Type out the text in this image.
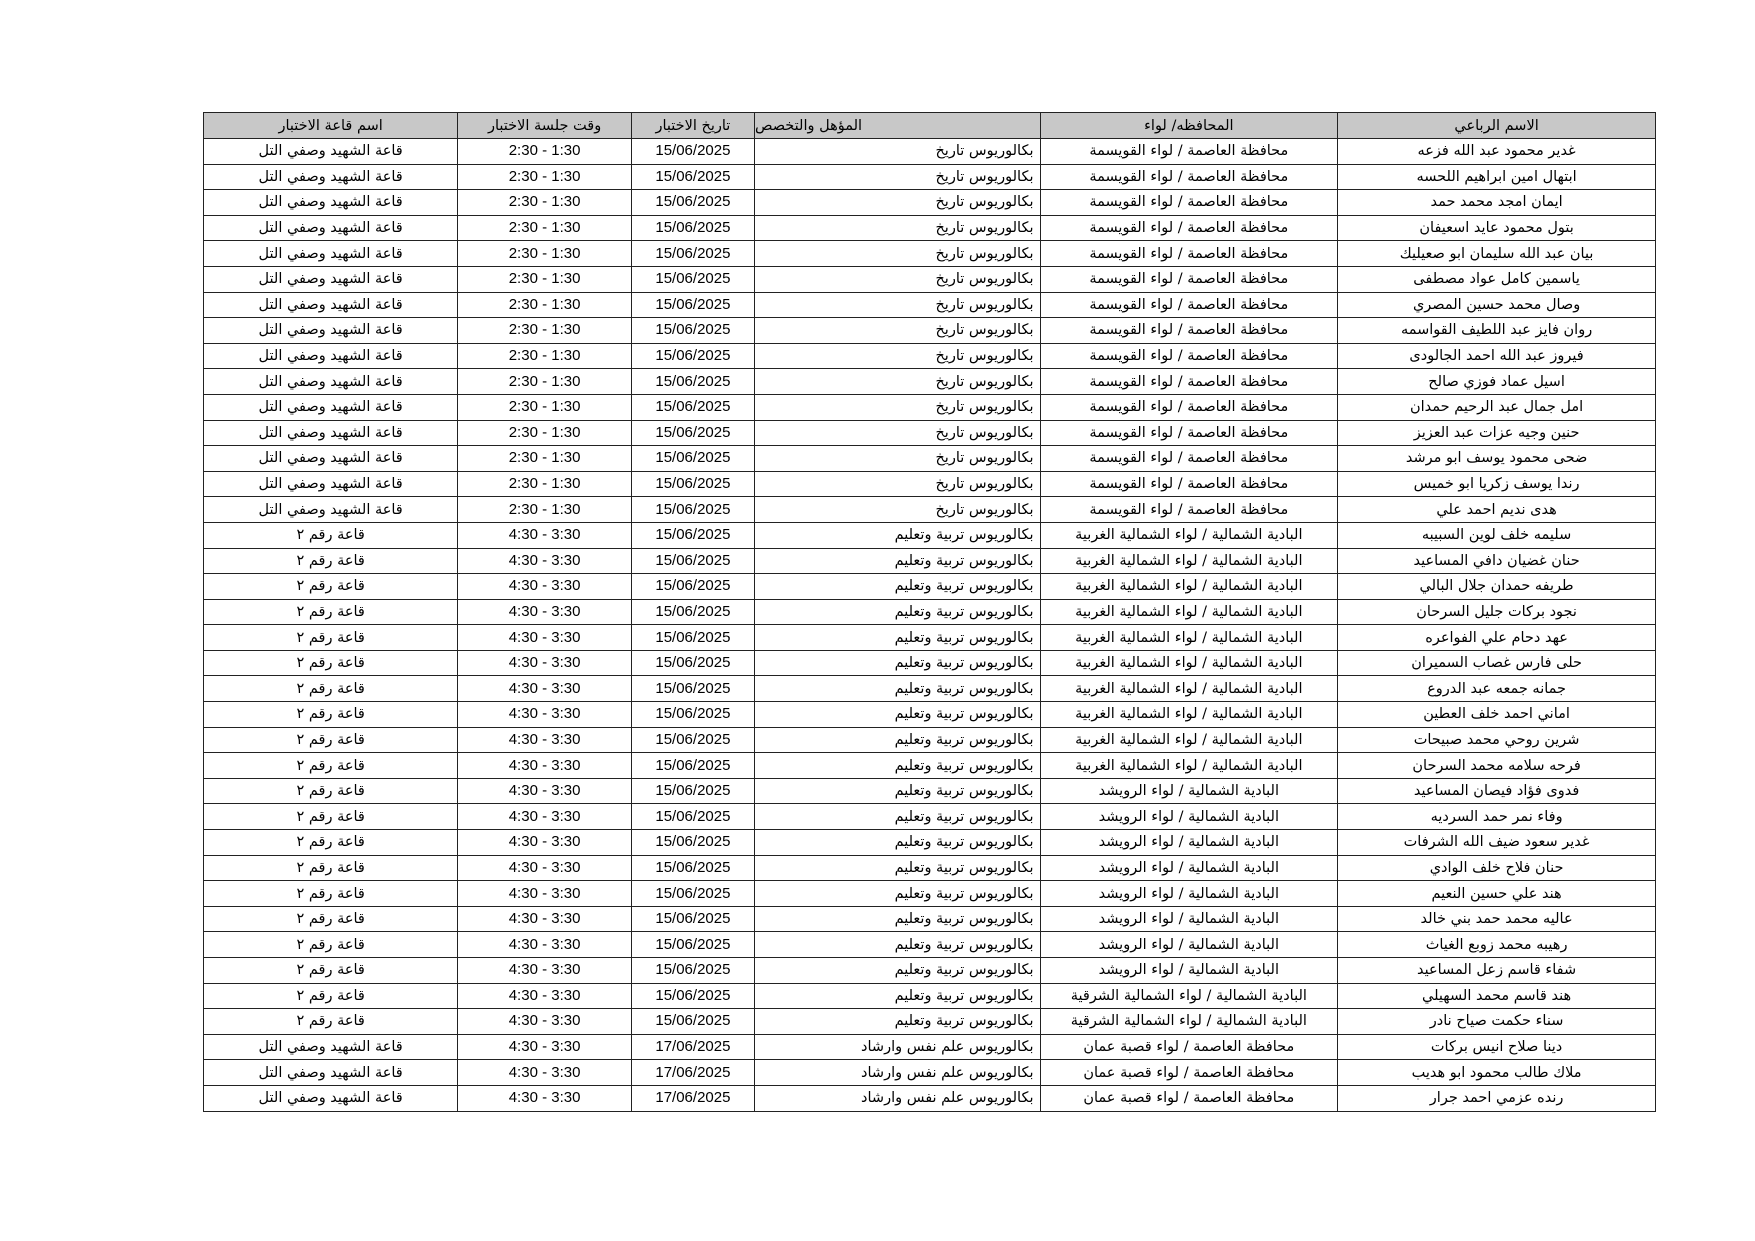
الاسم الرباعي	المحافظه/ لواء	المؤهل والتخصص	تاريخ الاختبار	وقت جلسة الاختبار	اسم قاعة الاختبار
غدير محمود عبد الله فزعه	محافظة العاصمة / لواء القويسمة	بكالوريوس تاريخ	15/06/2025	2:30 - 1:30	قاعة الشهيد وصفي التل
ابتهال امين ابراهيم اللحسه	محافظة العاصمة / لواء القويسمة	بكالوريوس تاريخ	15/06/2025	2:30 - 1:30	قاعة الشهيد وصفي التل
ايمان امجد محمد حمد	محافظة العاصمة / لواء القويسمة	بكالوريوس تاريخ	15/06/2025	2:30 - 1:30	قاعة الشهيد وصفي التل
بتول محمود عايد اسعيفان	محافظة العاصمة / لواء القويسمة	بكالوريوس تاريخ	15/06/2025	2:30 - 1:30	قاعة الشهيد وصفي التل
بيان عبد الله سليمان ابو صعيليك	محافظة العاصمة / لواء القويسمة	بكالوريوس تاريخ	15/06/2025	2:30 - 1:30	قاعة الشهيد وصفي التل
ياسمين كامل عواد مصطفى	محافظة العاصمة / لواء القويسمة	بكالوريوس تاريخ	15/06/2025	2:30 - 1:30	قاعة الشهيد وصفي التل
وصال محمد حسين المصري	محافظة العاصمة / لواء القويسمة	بكالوريوس تاريخ	15/06/2025	2:30 - 1:30	قاعة الشهيد وصفي التل
روان فايز عبد اللطيف القواسمه	محافظة العاصمة / لواء القويسمة	بكالوريوس تاريخ	15/06/2025	2:30 - 1:30	قاعة الشهيد وصفي التل
فيروز عبد الله احمد الجالودى	محافظة العاصمة / لواء القويسمة	بكالوريوس تاريخ	15/06/2025	2:30 - 1:30	قاعة الشهيد وصفي التل
اسيل عماد فوزي صالح	محافظة العاصمة / لواء القويسمة	بكالوريوس تاريخ	15/06/2025	2:30 - 1:30	قاعة الشهيد وصفي التل
امل جمال عبد الرحيم حمدان	محافظة العاصمة / لواء القويسمة	بكالوريوس تاريخ	15/06/2025	2:30 - 1:30	قاعة الشهيد وصفي التل
حنين وجيه عزات عبد العزيز	محافظة العاصمة / لواء القويسمة	بكالوريوس تاريخ	15/06/2025	2:30 - 1:30	قاعة الشهيد وصفي التل
ضحى محمود يوسف ابو مرشد	محافظة العاصمة / لواء القويسمة	بكالوريوس تاريخ	15/06/2025	2:30 - 1:30	قاعة الشهيد وصفي التل
رندا يوسف زكريا ابو خميس	محافظة العاصمة / لواء القويسمة	بكالوريوس تاريخ	15/06/2025	2:30 - 1:30	قاعة الشهيد وصفي التل
هدى نديم احمد علي	محافظة العاصمة / لواء القويسمة	بكالوريوس تاريخ	15/06/2025	2:30 - 1:30	قاعة الشهيد وصفي التل
سليمه خلف لوين السبيبه	البادية الشمالية / لواء الشمالية الغربية	بكالوريوس تربية وتعليم	15/06/2025	4:30 - 3:30	قاعة رقم ٢
حنان غضيان دافي المساعيد	البادية الشمالية / لواء الشمالية الغربية	بكالوريوس تربية وتعليم	15/06/2025	4:30 - 3:30	قاعة رقم ٢
طريفه حمدان جلال البالي	البادية الشمالية / لواء الشمالية الغربية	بكالوريوس تربية وتعليم	15/06/2025	4:30 - 3:30	قاعة رقم ٢
نجود بركات جليل السرحان	البادية الشمالية / لواء الشمالية الغربية	بكالوريوس تربية وتعليم	15/06/2025	4:30 - 3:30	قاعة رقم ٢
عهد دحام علي الفواعره	البادية الشمالية / لواء الشمالية الغربية	بكالوريوس تربية وتعليم	15/06/2025	4:30 - 3:30	قاعة رقم ٢
حلى فارس غصاب السميران	البادية الشمالية / لواء الشمالية الغربية	بكالوريوس تربية وتعليم	15/06/2025	4:30 - 3:30	قاعة رقم ٢
جمانه جمعه عبد الدروع	البادية الشمالية / لواء الشمالية الغربية	بكالوريوس تربية وتعليم	15/06/2025	4:30 - 3:30	قاعة رقم ٢
اماني احمد خلف العطين	البادية الشمالية / لواء الشمالية الغربية	بكالوريوس تربية وتعليم	15/06/2025	4:30 - 3:30	قاعة رقم ٢
شرين روحي محمد صبيحات	البادية الشمالية / لواء الشمالية الغربية	بكالوريوس تربية وتعليم	15/06/2025	4:30 - 3:30	قاعة رقم ٢
فرحه سلامه محمد السرحان	البادية الشمالية / لواء الشمالية الغربية	بكالوريوس تربية وتعليم	15/06/2025	4:30 - 3:30	قاعة رقم ٢
فدوى فؤاد فيصان المساعيد	البادية الشمالية / لواء الرويشد	بكالوريوس تربية وتعليم	15/06/2025	4:30 - 3:30	قاعة رقم ٢
وفاء نمر حمد السرديه	البادية الشمالية / لواء الرويشد	بكالوريوس تربية وتعليم	15/06/2025	4:30 - 3:30	قاعة رقم ٢
غدير سعود ضيف الله الشرفات	البادية الشمالية / لواء الرويشد	بكالوريوس تربية وتعليم	15/06/2025	4:30 - 3:30	قاعة رقم ٢
حنان فلاح خلف الوادي	البادية الشمالية / لواء الرويشد	بكالوريوس تربية وتعليم	15/06/2025	4:30 - 3:30	قاعة رقم ٢
هند علي حسين النعيم	البادية الشمالية / لواء الرويشد	بكالوريوس تربية وتعليم	15/06/2025	4:30 - 3:30	قاعة رقم ٢
عاليه محمد حمد بني خالد	البادية الشمالية / لواء الرويشد	بكالوريوس تربية وتعليم	15/06/2025	4:30 - 3:30	قاعة رقم ٢
رهيبه محمد زوبع الغياث	البادية الشمالية / لواء الرويشد	بكالوريوس تربية وتعليم	15/06/2025	4:30 - 3:30	قاعة رقم ٢
شفاء قاسم زعل المساعيد	البادية الشمالية / لواء الرويشد	بكالوريوس تربية وتعليم	15/06/2025	4:30 - 3:30	قاعة رقم ٢
هند قاسم محمد السهيلي	البادية الشمالية / لواء الشمالية الشرقية	بكالوريوس تربية وتعليم	15/06/2025	4:30 - 3:30	قاعة رقم ٢
سناء حكمت صياح نادر	البادية الشمالية / لواء الشمالية الشرقية	بكالوريوس تربية وتعليم	15/06/2025	4:30 - 3:30	قاعة رقم ٢
دينا صلاح انيس بركات	محافظة العاصمة / لواء قصبة عمان	بكالوريوس علم نفس وارشاد	17/06/2025	4:30 - 3:30	قاعة الشهيد وصفي التل
ملاك طالب محمود ابو هديب	محافظة العاصمة / لواء قصبة عمان	بكالوريوس علم نفس وارشاد	17/06/2025	4:30 - 3:30	قاعة الشهيد وصفي التل
رنده عزمي احمد جرار	محافظة العاصمة / لواء قصبة عمان	بكالوريوس علم نفس وارشاد	17/06/2025	4:30 - 3:30	قاعة الشهيد وصفي التل
